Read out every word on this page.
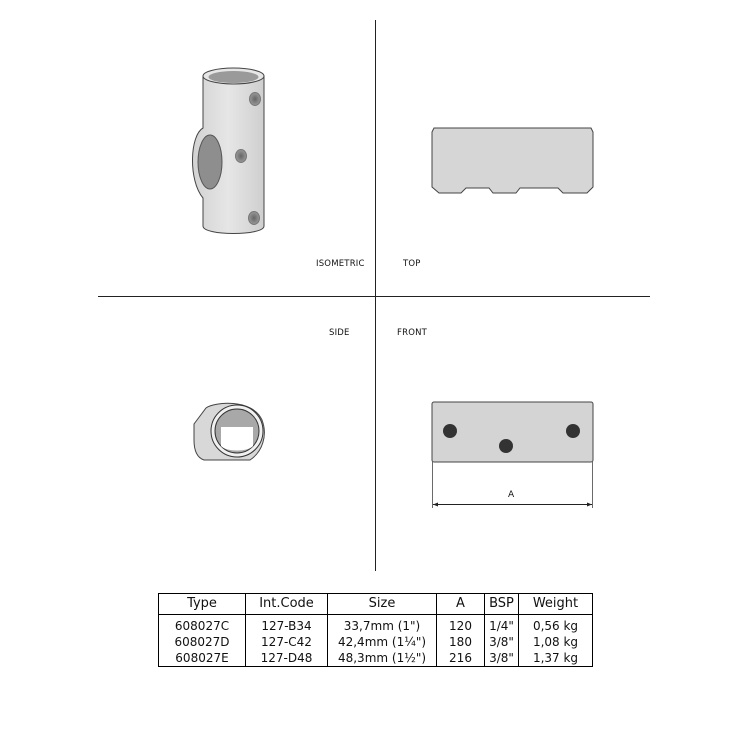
ISOMETRIC	TOP
SIDE	FRONT
A
Type	Int.Code	Size	A	BSP	Weight
608027C	127-B34	33,7mm (1")	120	1/4"	0,56 kg
608027D	127-C42	42,4mm (1¼")	180	3/8"	1,08 kg
608027E	127-D48	48,3mm (1½")	216	3/8"	1,37 kg
